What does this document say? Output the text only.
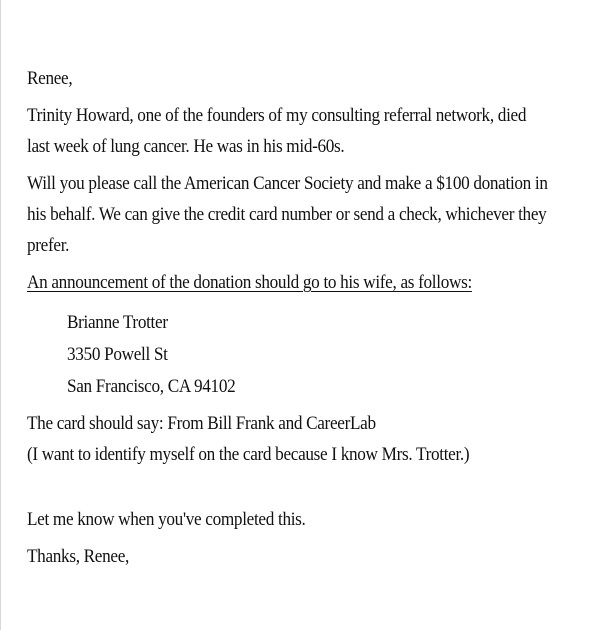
Renee,

Trinity Howard, one of the founders of my consulting referral network, died last week of lung cancer. He was in his mid-60s.

Will you please call the American Cancer Society and make a $100 donation in his behalf. We can give the credit card number or send a check, whichever they prefer.

An announcement of the donation should go to his wife, as follows:

Brianne Trotter
3350 Powell St
San Francisco, CA 94102

The card should say: From Bill Frank and CareerLab

(I want to identify myself on the card because I know Mrs. Trotter.)

Let me know when you've completed this.

Thanks, Renee,
